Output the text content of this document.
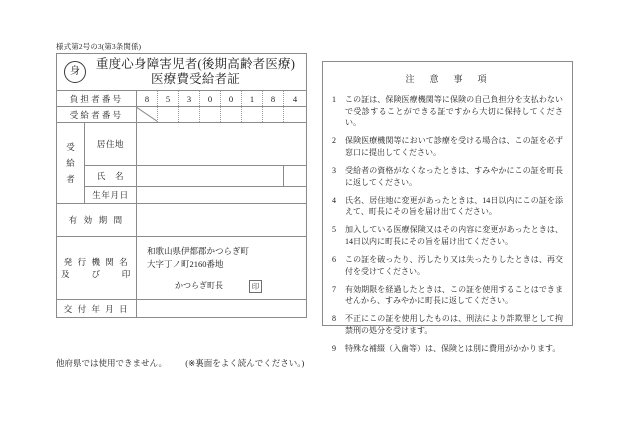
様式第2号の3(第3条関係)
身
重度心身障害児者(後期高齢者医療)
医療費受給者証									

負担者番号		8	5	3	0	0	1	8	4
受給者番号									

受
給
者	居住地								
	氏　名								
	生年月日								
有 効 期 間									

発 行 機 関 名
及　　び　　印

和歌山県伊都郡かつらぎ町
大字丁ノ町2160番地
かつらぎ町長	印

交 付 年 月 日									
他府県では使用できません。 (※裏面をよく読んでください。)
注　意　事　項
1	この証は、保険医療機関等に保険の自己負担分を支払わないで受診することができる証ですから大切に保持してください。
2	保険医療機関等において診療を受ける場合は、この証を必ず窓口に提出してください。
3	受給者の資格がなくなったときは、すみやかにこの証を町長に返してください。
4	氏名、居住地に変更があったときは、14日以内にこの証を添えて、町長にその旨を届け出てください。
5	加入している医療保険又はその内容に変更があったときは、14日以内に町長にその旨を届け出てください。
6	この証を破ったり、汚したり又は失ったりしたときは、再交付を受けてください。
7	有効期限を経過したときは、この証を使用することはできませんから、すみやかに町長に返してください。
8	不正にこの証を使用したものは、刑法により詐欺罪として拘禁刑の処分を受けます。
9	特殊な補綴（入歯等）は、保険とは別に費用がかかります。
